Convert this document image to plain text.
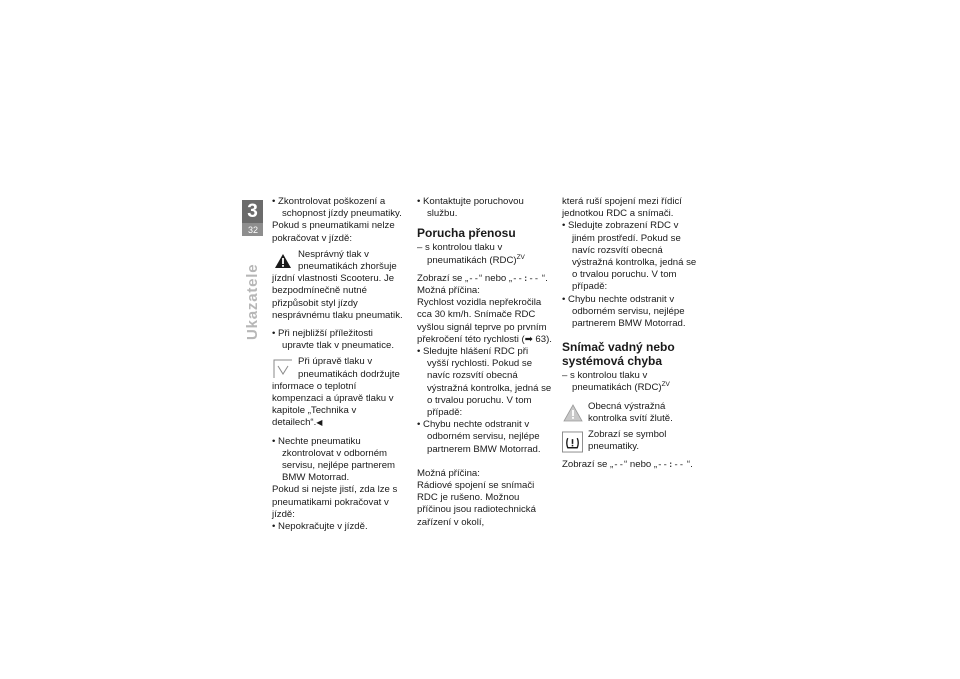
3
32
Ukazatele

• Zkontrolovat poškození a schopnost jízdy pneumatiky.

Pokud s pneumatikami nelze pokračovat v jízdě:

Nesprávný tlak v pneumatikách zhoršuje jízdní vlastnosti Scooteru. Je bezpodmínečně nutné přizpůsobit styl jízdy nesprávnému tlaku pneumatik.

• Při nejbližší příležitosti upravte tlak v pneumatice.

Při úpravě tlaku v pneumatikách dodržujte informace o teplotní kompenzaci a úpravě tlaku v kapitole „Technika v detailech“.◀

• Nechte pneumatiku zkontrolovat v odborném servisu, nejlépe partnerem BMW Motorrad.

Pokud si nejste jistí, zda lze s pneumatikami pokračovat v jízdě:

• Nepokračujte v jízdě.

• Kontaktujte poruchovou službu.

Porucha přenosu

– s kontrolou tlaku v pneumatikách (RDC)$^{ZV}$

Zobrazí se „--“ nebo „--:-- “.

Možná příčina:

Rychlost vozidla nepřekročila cca 30 km/h. Snímače RDC vyšlou signál teprve po prvním překročení této rychlosti (➡ 63).

• Sledujte hlášení RDC při vyšší rychlosti. Pokud se navíc rozsvítí obecná výstražná kontrolka, jedná se o trvalou poruchu. V tom případě:

• Chybu nechte odstranit v odborném servisu, nejlépe partnerem BMW Motorrad.

Možná příčina:

Rádiové spojení se snímači RDC je rušeno. Možnou příčinou jsou radiotechnická zařízení v okolí,

která ruší spojení mezi řídicí jednotkou RDC a snímači.

• Sledujte zobrazení RDC v jiném prostředí. Pokud se navíc rozsvítí obecná výstražná kontrolka, jedná se o trvalou poruchu. V tom případě:

• Chybu nechte odstranit v odborném servisu, nejlépe partnerem BMW Motorrad.

Snímač vadný nebo systémová chyba

– s kontrolou tlaku v pneumatikách (RDC)$^{ZV}$

Obecná výstražná kontrolka svítí žlutě.

Zobrazí se symbol pneumatiky.

Zobrazí se „--“ nebo „--:-- “.
